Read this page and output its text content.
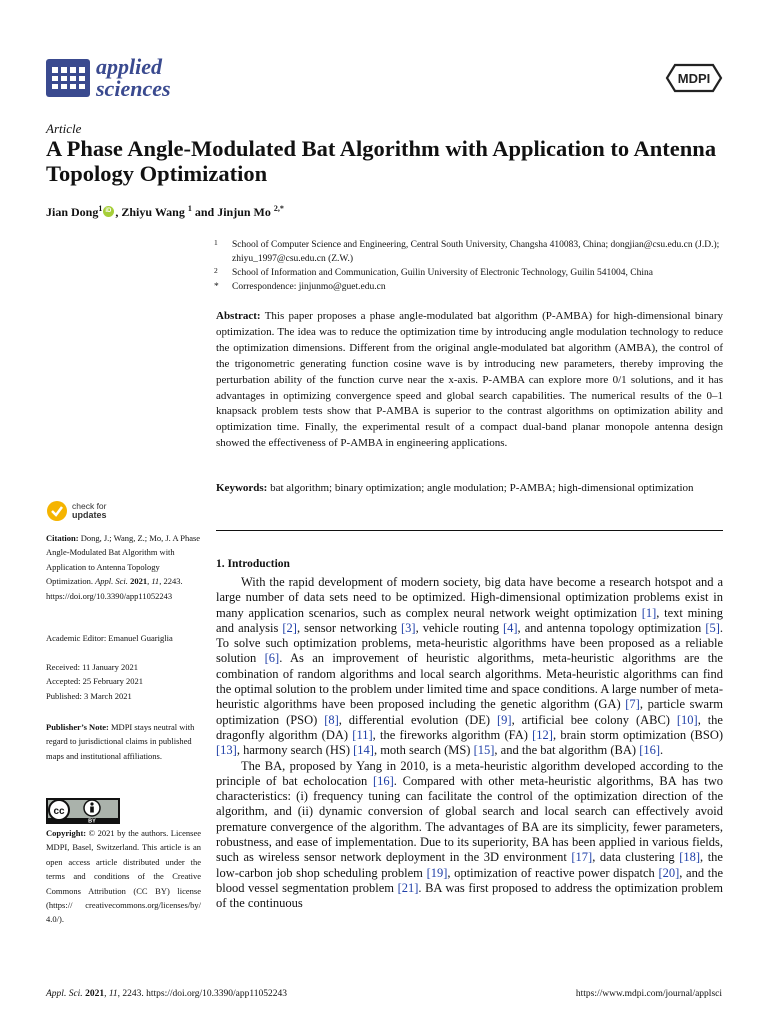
applied
sciences	MDPI
Article
A Phase Angle-Modulated Bat Algorithm with Application to Antenna Topology Optimization
Jian Dong$^1$iD , Zhiyu Wang $^1$ and Jinjun Mo $^{2,*}$
1 School of Computer Science and Engineering, Central South University, Changsha 410083, China; dongjian@csu.edu.cn (J.D.); zhiyu_1997@csu.edu.cn (Z.W.)
2 School of Information and Communication, Guilin University of Electronic Technology, Guilin 541004, China
* Correspondence: jinjunmo@guet.edu.cn
Abstract: This paper proposes a phase angle-modulated bat algorithm (P-AMBA) for high-dimensional binary optimization. The idea was to reduce the optimization time by introducing angle modulation technology to reduce the optimization dimensions. Different from the original angle-modulated bat algorithm (AMBA), the control of the trigonometric generating function cosine wave is by introducing new parameters, thereby improving the perturbation ability of the function curve near the x-axis. P-AMBA can explore more 0/1 solutions, and it has advantages in optimizing convergence speed and global search capabilities. The numerical results of the 0–1 knapsack problem tests show that P-AMBA is superior to the contrast algorithms on optimization ability and optimization time. Finally, the experimental result of a compact dual-band planar monopole antenna design showed the effectiveness of P-AMBA in engineering applications.
Keywords: bat algorithm; binary optimization; angle modulation; P-AMBA; high-dimensional optimization
check for
updates
Citation: Dong, J.; Wang, Z.; Mo, J. A Phase Angle-Modulated Bat Algorithm with Application to Antenna Topology Optimization. Appl. Sci. 2021, 11, 2243. https://doi.org/10.3390/app11052243
Academic Editor: Emanuel Guariglia
Received: 11 January 2021
Accepted: 25 February 2021
Published: 3 March 2021
Publisher’s Note: MDPI stays neutral with regard to jurisdictional claims in published maps and institutional affiliations.
cc
BY
Copyright: © 2021 by the authors. Licensee MDPI, Basel, Switzerland. This article is an open access article distributed under the terms and conditions of the Creative Commons Attribution (CC BY) license (https:// creativecommons.org/licenses/by/ 4.0/).
1. Introduction

With the rapid development of modern society, big data have become a research hotspot and a large number of data sets need to be optimized. High-dimensional optimization problems exist in many application scenarios, such as complex neural network weight optimization [1], text mining and analysis [2], sensor networking [3], vehicle routing [4], and antenna topology optimization [5]. To solve such optimization problems, meta-heuristic algorithms have been proposed as a reliable solution [6]. As an improvement of heuristic algorithms, meta-heuristic algorithms are the combination of random algorithms and local search algorithms. Meta-heuristic algorithms can find the optimal solution to the problem under limited time and space conditions. A large number of meta-heuristic algorithms have been proposed including the genetic algorithm (GA) [7], particle swarm optimization (PSO) [8], differential evolution (DE) [9], artificial bee colony (ABC) [10], the dragonfly algorithm (DA) [11], the fireworks algorithm (FA) [12], brain storm optimization (BSO) [13], harmony search (HS) [14], moth search (MS) [15], and the bat algorithm (BA) [16].

The BA, proposed by Yang in 2010, is a meta-heuristic algorithm developed according to the principle of bat echolocation [16]. Compared with other meta-heuristic algorithms, BA has two characteristics: (i) frequency tuning can facilitate the control of the optimization direction of the algorithm, and (ii) dynamic conversion of global search and local search can effectively avoid premature convergence of the algorithm. The advantages of BA are its simplicity, fewer parameters, robustness, and ease of implementation. Due to its superiority, BA has been applied in various fields, such as wireless sensor network deployment in the 3D environment [17], data clustering [18], the low-carbon job shop scheduling problem [19], optimization of reactive power dispatch [20], and the blood vessel segmentation problem [21]. BA was first proposed to address the optimization problem of the continuous

Appl. Sci. 2021, 11, 2243. https://doi.org/10.3390/app11052243	https://www.mdpi.com/journal/applsci
